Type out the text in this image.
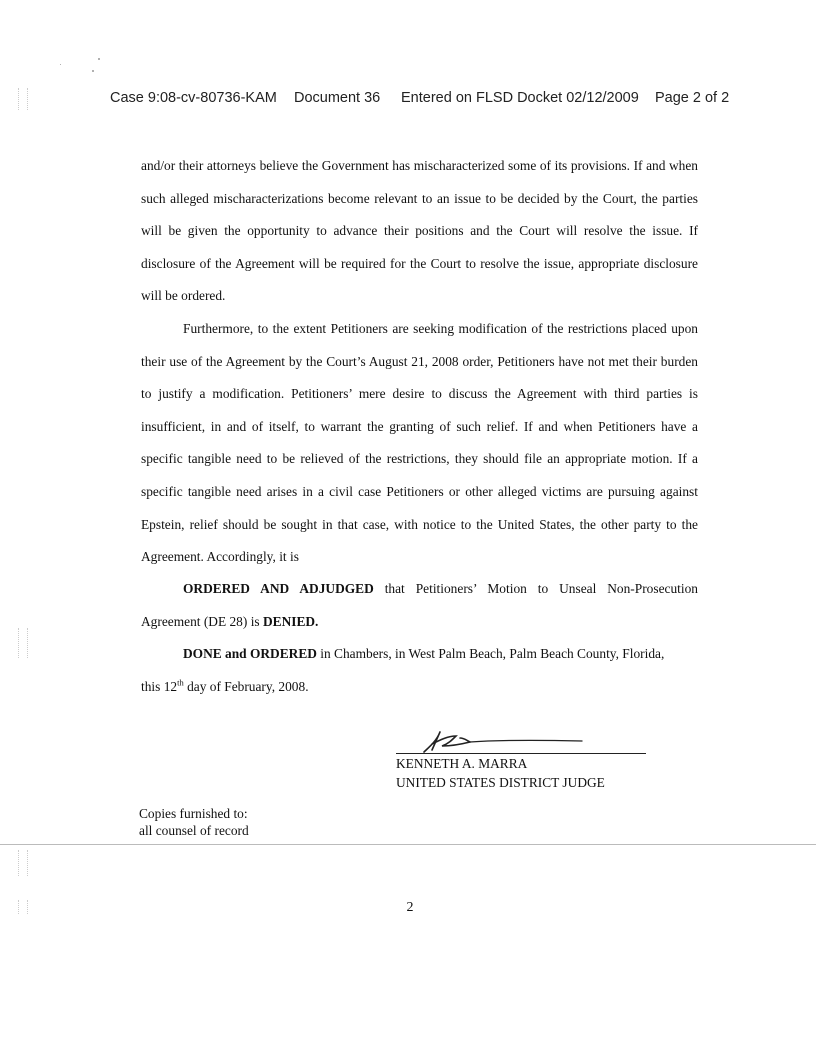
Case 9:08-cv-80736-KAM Document 36 Entered on FLSD Docket 02/12/2009 Page 2 of 2
and/or their attorneys believe the Government has mischaracterized some of its provisions. If and when such alleged mischaracterizations become relevant to an issue to be decided by the Court, the parties will be given the opportunity to advance their positions and the Court will resolve the issue. If disclosure of the Agreement will be required for the Court to resolve the issue, appropriate disclosure will be ordered.
Furthermore, to the extent Petitioners are seeking modification of the restrictions placed upon their use of the Agreement by the Court’s August 21, 2008 order, Petitioners have not met their burden to justify a modification. Petitioners’ mere desire to discuss the Agreement with third parties is insufficient, in and of itself, to warrant the granting of such relief. If and when Petitioners have a specific tangible need to be relieved of the restrictions, they should file an appropriate motion. If a specific tangible need arises in a civil case Petitioners or other alleged victims are pursuing against Epstein, relief should be sought in that case, with notice to the United States, the other party to the Agreement. Accordingly, it is
ORDERED AND ADJUDGED that Petitioners’ Motion to Unseal Non-Prosecution Agreement (DE 28) is DENIED.
DONE and ORDERED in Chambers, in West Palm Beach, Palm Beach County, Florida,
this 12th day of February, 2008.
KENNETH A. MARRA
UNITED STATES DISTRICT JUDGE
Copies furnished to:
all counsel of record
2
